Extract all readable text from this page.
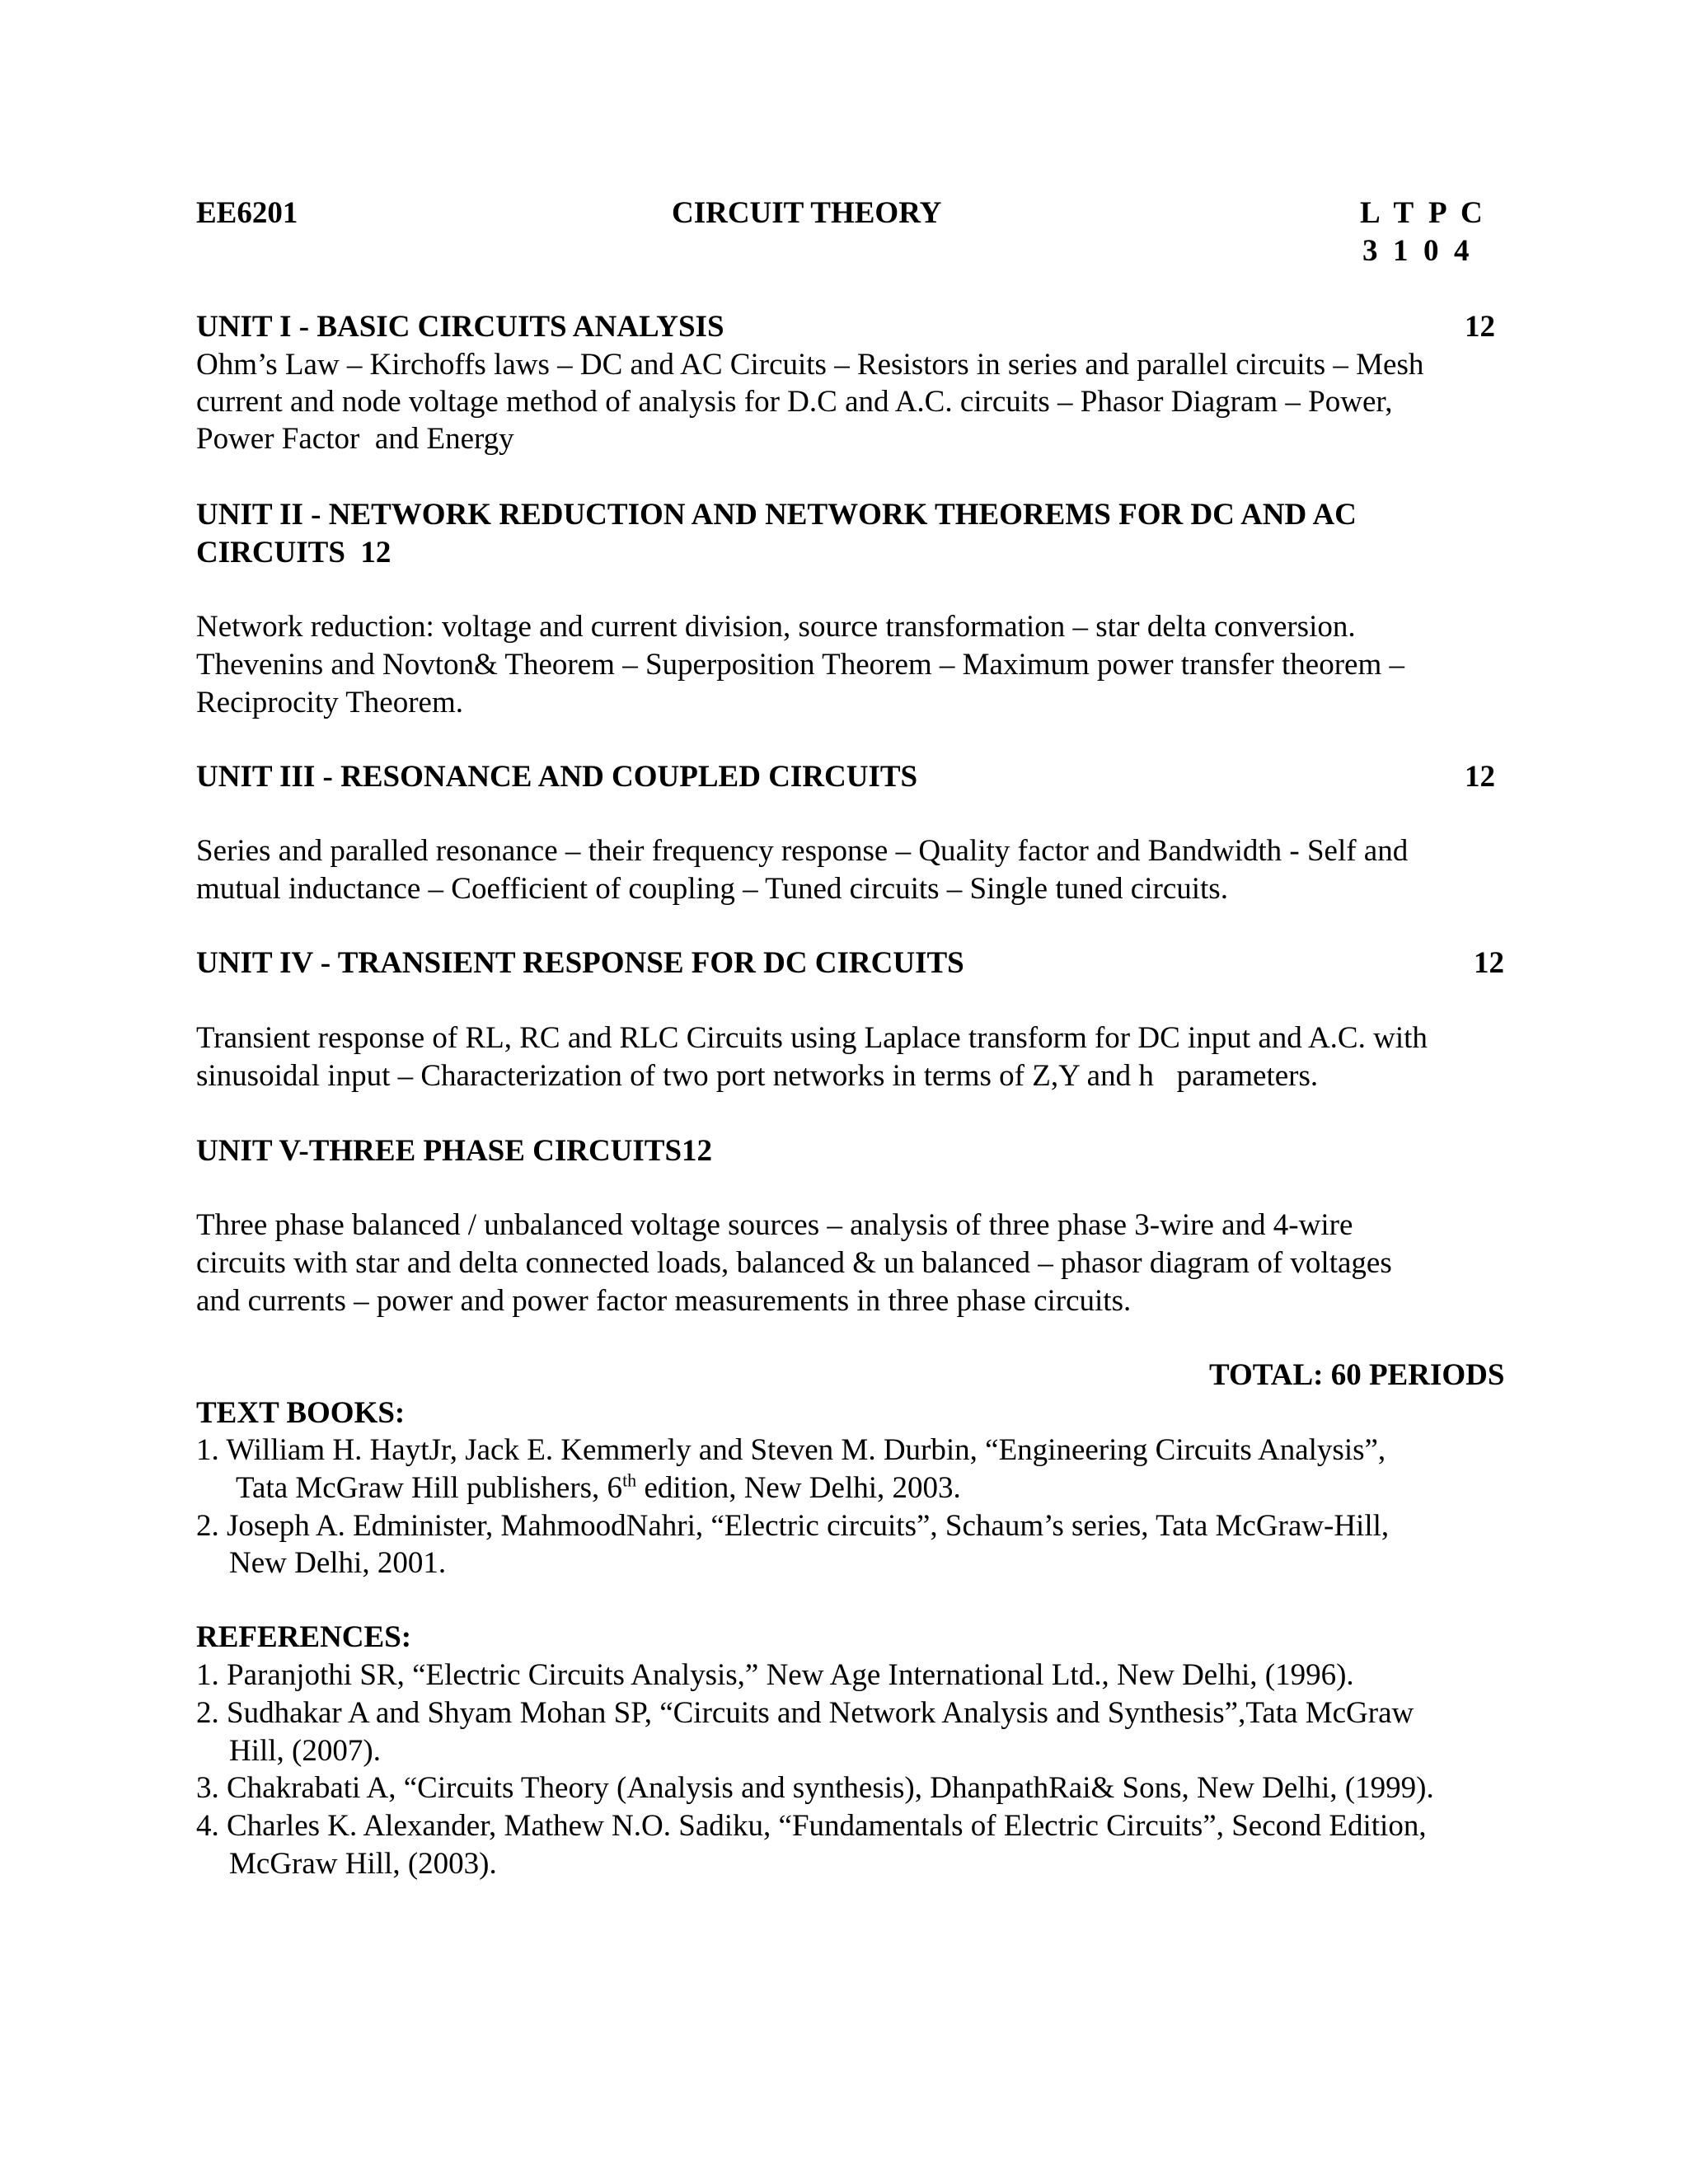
EE6201	CIRCUIT THEORY	L  T  P  C
3  1  0  4
UNIT I - BASIC CIRCUITS ANALYSIS	12
Ohm’s Law – Kirchoffs laws – DC and AC Circuits – Resistors in series and parallel circuits – Mesh
current and node voltage method of analysis for D.C and A.C. circuits – Phasor Diagram – Power,
Power Factor  and Energy
UNIT II - NETWORK REDUCTION AND NETWORK THEOREMS FOR DC AND AC
CIRCUITS  12
Network reduction: voltage and current division, source transformation – star delta conversion.
Thevenins and Novton& Theorem – Superposition Theorem – Maximum power transfer theorem –
Reciprocity Theorem.
UNIT III - RESONANCE AND COUPLED CIRCUITS	12
Series and paralled resonance – their frequency response – Quality factor and Bandwidth - Self and
mutual inductance – Coefficient of coupling – Tuned circuits – Single tuned circuits.
UNIT IV - TRANSIENT RESPONSE FOR DC CIRCUITS	12
Transient response of RL, RC and RLC Circuits using Laplace transform for DC input and A.C. with
sinusoidal input – Characterization of two port networks in terms of Z,Y and h   parameters.
UNIT V-THREE PHASE CIRCUITS12
Three phase balanced / unbalanced voltage sources – analysis of three phase 3-wire and 4-wire
circuits with star and delta connected loads, balanced & un balanced – phasor diagram of voltages
and currents – power and power factor measurements in three phase circuits.
TOTAL: 60 PERIODS
TEXT BOOKS:
1. William H. HaytJr, Jack E. Kemmerly and Steven M. Durbin, “Engineering Circuits Analysis”,
Tata McGraw Hill publishers, 6th edition, New Delhi, 2003.
2. Joseph A. Edminister, MahmoodNahri, “Electric circuits”, Schaum’s series, Tata McGraw-Hill,
New Delhi, 2001.
REFERENCES:
1. Paranjothi SR, “Electric Circuits Analysis,” New Age International Ltd., New Delhi, (1996).
2. Sudhakar A and Shyam Mohan SP, “Circuits and Network Analysis and Synthesis”,Tata McGraw
Hill, (2007).
3. Chakrabati A, “Circuits Theory (Analysis and synthesis), DhanpathRai& Sons, New Delhi, (1999).
4. Charles K. Alexander, Mathew N.O. Sadiku, “Fundamentals of Electric Circuits”, Second Edition,
McGraw Hill, (2003).
